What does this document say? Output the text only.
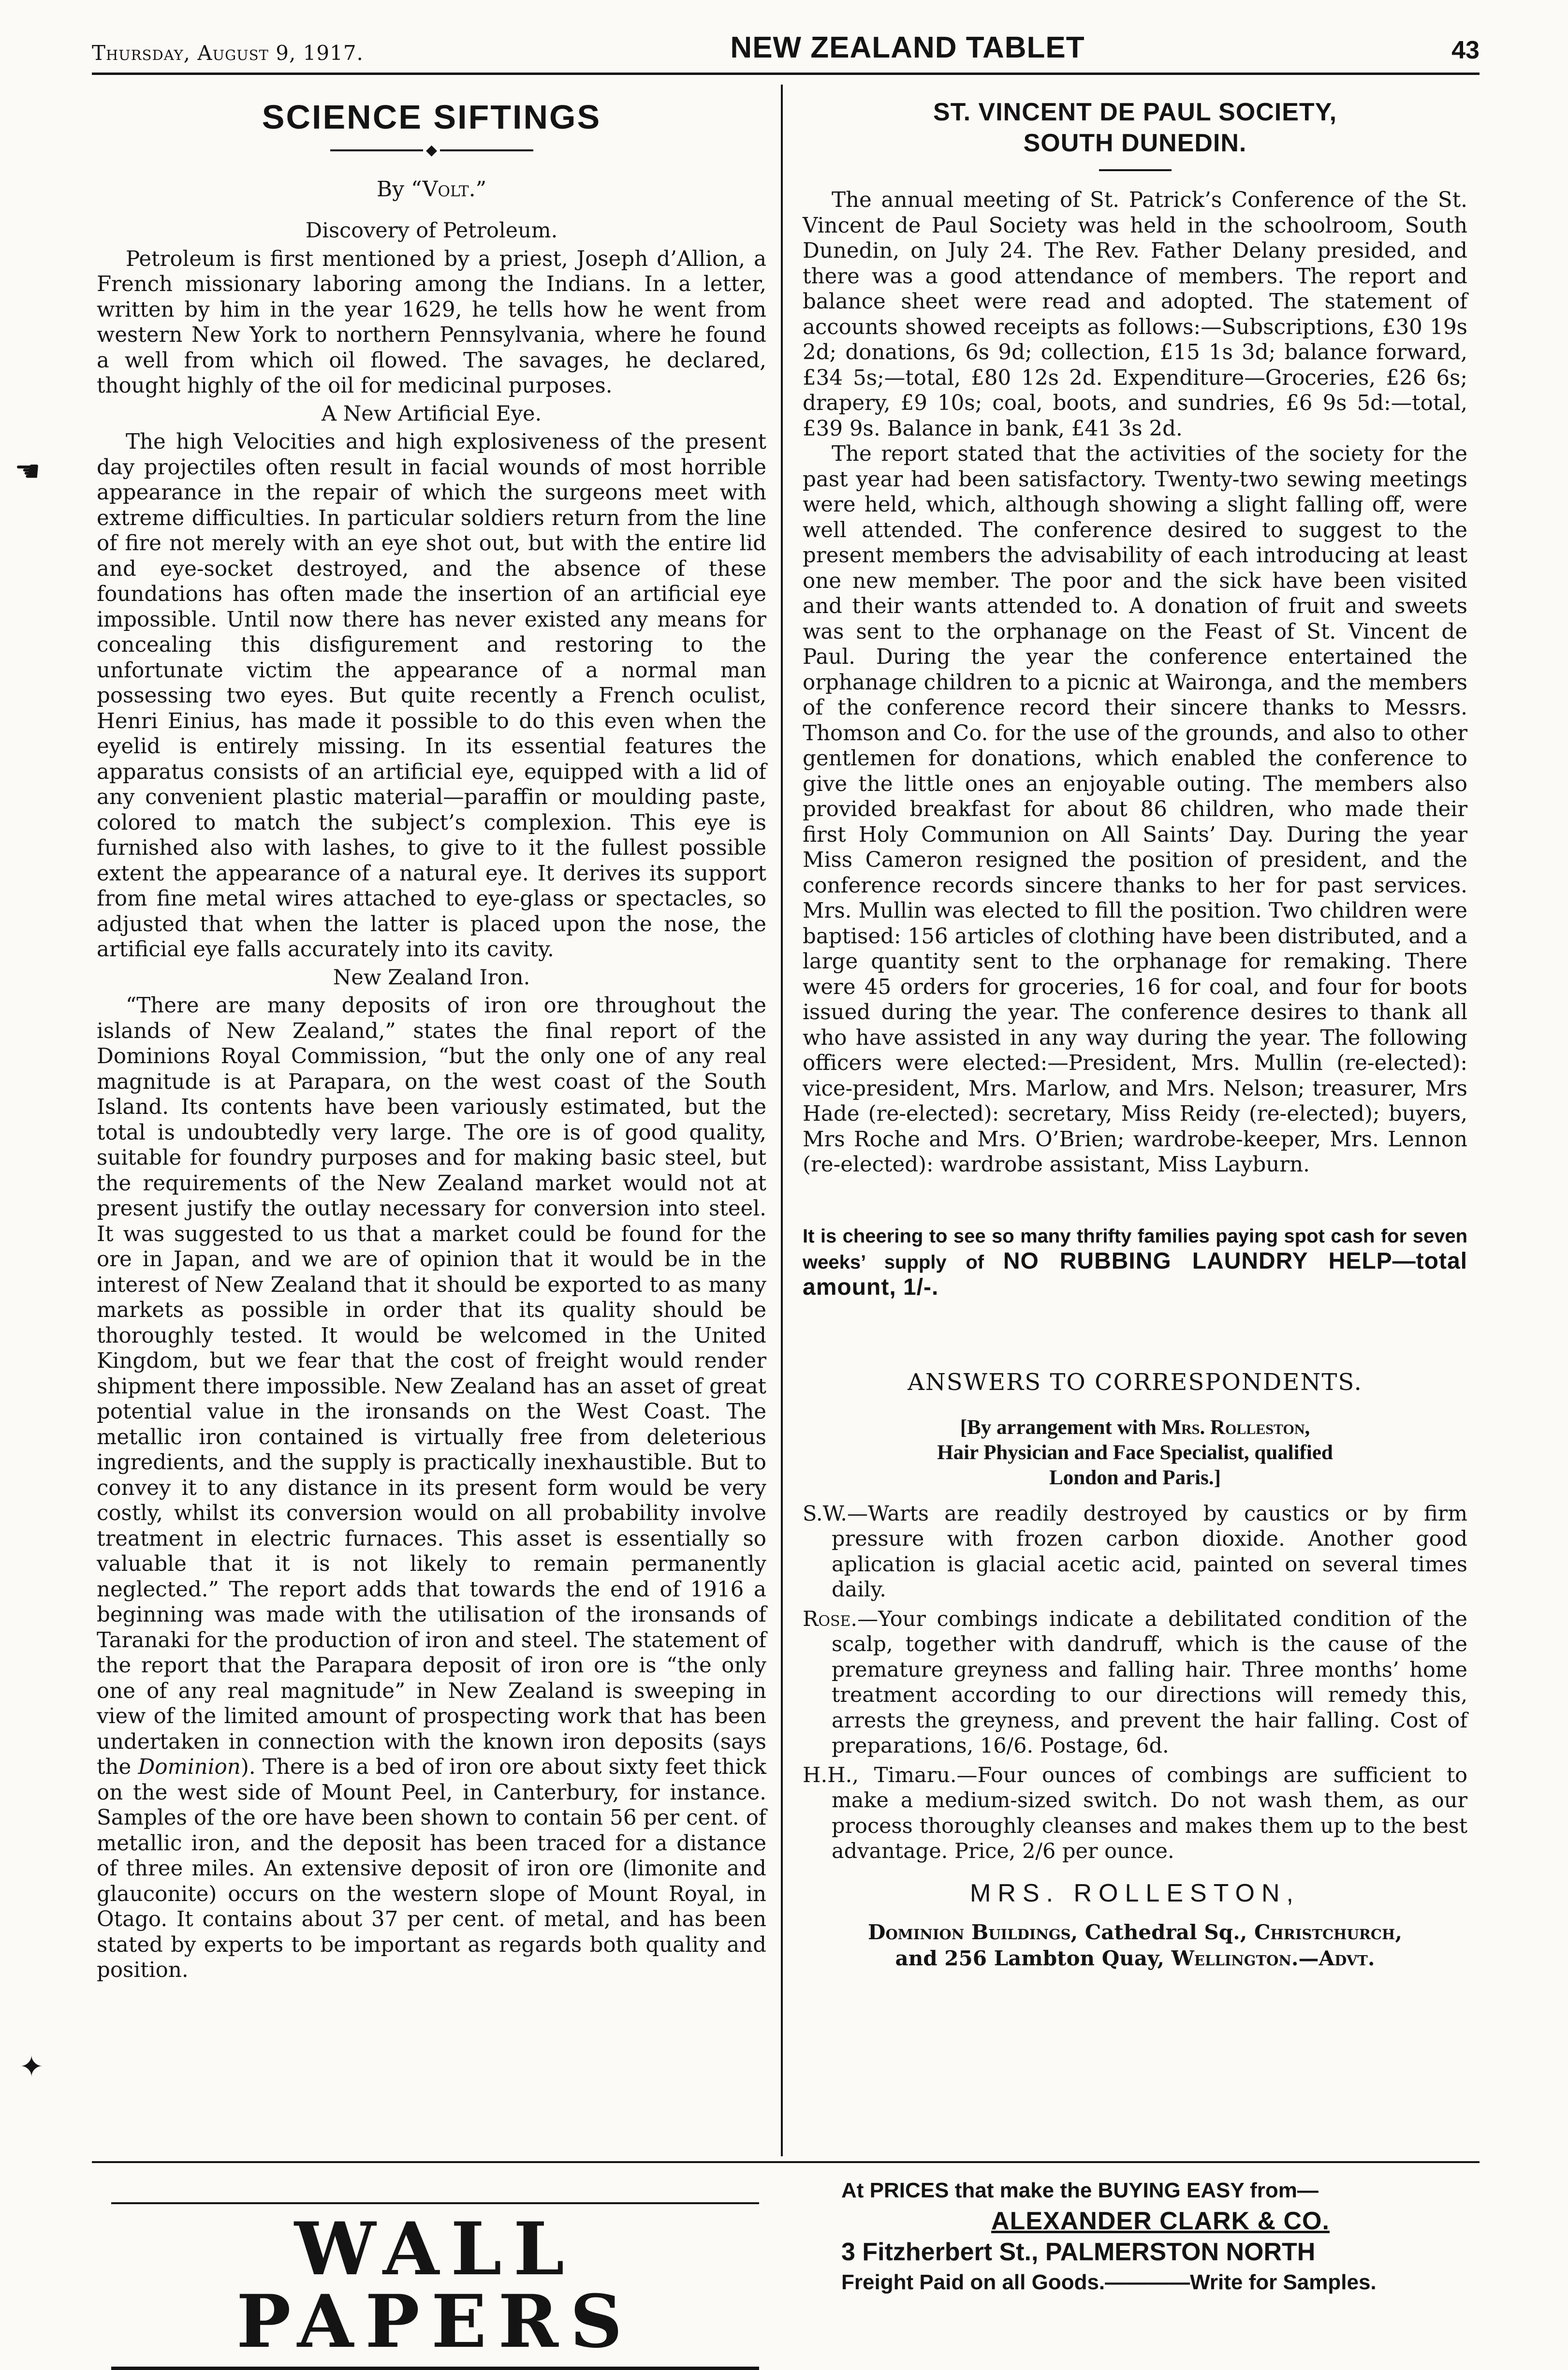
Thursday, August 9, 1917.	NEW ZEALAND TABLET	43
SCIENCE SIFTINGS
◆
By “Volt.”
Discovery of Petroleum.

Petroleum is first mentioned by a priest, Joseph d’Allion, a French missionary laboring among the Indians. In a letter, written by him in the year 1629, he tells how he went from western New York to northern Pennsylvania, where he found a well from which oil flowed. The savages, he declared, thought highly of the oil for medicinal purposes.

A New Artificial Eye.

The high Velocities and high explosiveness of the present day projectiles often result in facial wounds of most horrible appearance in the repair of which the surgeons meet with extreme difficulties. In particular soldiers return from the line of fire not merely with an eye shot out, but with the entire lid and eye-socket destroyed, and the absence of these foundations has often made the insertion of an artificial eye impossible. Until now there has never existed any means for concealing this disfigurement and restoring to the unfortunate victim the appearance of a normal man possessing two eyes. But quite recently a French oculist, Henri Einius, has made it possible to do this even when the eyelid is entirely missing. In its essential features the apparatus consists of an artificial eye, equipped with a lid of any convenient plastic material—paraffin or moulding paste, colored to match the subject’s complexion. This eye is furnished also with lashes, to give to it the fullest possible extent the appearance of a natural eye. It derives its support from fine metal wires attached to eye-glass or spectacles, so adjusted that when the latter is placed upon the nose, the artificial eye falls accurately into its cavity.

New Zealand Iron.

“There are many deposits of iron ore throughout the islands of New Zealand,” states the final report of the Dominions Royal Commission, “but the only one of any real magnitude is at Parapara, on the west coast of the South Island. Its contents have been variously estimated, but the total is undoubtedly very large. The ore is of good quality, suitable for foundry purposes and for making basic steel, but the requirements of the New Zealand market would not at present justify the outlay necessary for conversion into steel. It was suggested to us that a market could be found for the ore in Japan, and we are of opinion that it would be in the interest of New Zealand that it should be exported to as many markets as possible in order that its quality should be thoroughly tested. It would be welcomed in the United Kingdom, but we fear that the cost of freight would render shipment there impossible. New Zealand has an asset of great potential value in the ironsands on the West Coast. The metallic iron contained is virtually free from deleterious ingredients, and the supply is practically inexhaustible. But to convey it to any distance in its present form would be very costly, whilst its conversion would on all probability involve treatment in electric furnaces. This asset is essentially so valuable that it is not likely to remain permanently neglected.” The report adds that towards the end of 1916 a beginning was made with the utilisation of the ironsands of Taranaki for the production of iron and steel. The statement of the report that the Parapara deposit of iron ore is “the only one of any real magnitude” in New Zealand is sweeping in view of the limited amount of prospecting work that has been undertaken in connection with the known iron deposits (says the Dominion). There is a bed of iron ore about sixty feet thick on the west side of Mount Peel, in Canterbury, for instance. Samples of the ore have been shown to contain 56 per cent. of metallic iron, and the deposit has been traced for a distance of three miles. An extensive deposit of iron ore (limonite and glauconite) occurs on the western slope of Mount Royal, in Otago. It contains about 37 per cent. of metal, and has been stated by experts to be important as regards both quality and position.

☚
✦
ST. VINCENT DE PAUL SOCIETY,
SOUTH DUNEDIN.

The annual meeting of St. Patrick’s Conference of the St. Vincent de Paul Society was held in the schoolroom, South Dunedin, on July 24. The Rev. Father Delany presided, and there was a good attendance of members. The report and balance sheet were read and adopted. The statement of accounts showed receipts as follows:—Subscriptions, £30 19s 2d; donations, 6s 9d; collection, £15 1s 3d; balance forward, £34 5s;—total, £80 12s 2d. Expenditure—Groceries, £26 6s; drapery, £9 10s; coal, boots, and sundries, £6 9s 5d:—total, £39 9s. Balance in bank, £41 3s 2d.

The report stated that the activities of the society for the past year had been satisfactory. Twenty-two sewing meetings were held, which, although showing a slight falling off, were well attended. The conference desired to suggest to the present members the advisability of each introducing at least one new member. The poor and the sick have been visited and their wants attended to. A donation of fruit and sweets was sent to the orphanage on the Feast of St. Vincent de Paul. During the year the conference entertained the orphanage children to a picnic at Waironga, and the members of the conference record their sincere thanks to Messrs. Thomson and Co. for the use of the grounds, and also to other gentlemen for donations, which enabled the conference to give the little ones an enjoyable outing. The members also provided breakfast for about 86 children, who made their first Holy Communion on All Saints’ Day. During the year Miss Cameron resigned the position of president, and the conference records sincere thanks to her for past services. Mrs. Mullin was elected to fill the position. Two children were baptised: 156 articles of clothing have been distributed, and a large quantity sent to the orphanage for remaking. There were 45 orders for groceries, 16 for coal, and four for boots issued during the year. The conference desires to thank all who have assisted in any way during the year. The following officers were elected:—President, Mrs. Mullin (re-elected): vice-president, Mrs. Marlow, and Mrs. Nelson; treasurer, Mrs Hade (re-elected): secretary, Miss Reidy (re-elected); buyers, Mrs Roche and Mrs. O’Brien; wardrobe-keeper, Mrs. Lennon (re-elected): wardrobe assistant, Miss Layburn.

It is cheering to see so many thrifty families paying spot cash for seven weeks’ supply of NO RUBBING LAUNDRY HELP—total amount, 1/-.
ANSWERS TO CORRESPONDENTS.
[By arrangement with Mrs. Rolleston,
Hair Physician and Face Specialist, qualified
London and Paris.]

S.W.—Warts are readily destroyed by caustics or by firm pressure with frozen carbon dioxide. Another good aplication is glacial acetic acid, painted on several times daily.

Rose.—Your combings indicate a debilitated condition of the scalp, together with dandruff, which is the cause of the premature greyness and falling hair. Three months’ home treatment according to our directions will remedy this, arrests the greyness, and prevent the hair falling. Cost of preparations, 16/6. Postage, 6d.

H.H., Timaru.—Four ounces of combings are sufficient to make a medium-sized switch. Do not wash them, as our process thoroughly cleanses and makes them up to the best advantage. Price, 2/6 per ounce.

MRS. ROLLESTON,
Dominion Buildings, Cathedral Sq., Christchurch,
and 256 Lambton Quay, Wellington.—Advt.
WALL PAPERS
At PRICES that make the BUYING EASY from—
ALEXANDER CLARK & CO.
3 Fitzherbert St., PALMERSTON NORTH
Freight Paid on all Goods.————Write for Samples.
